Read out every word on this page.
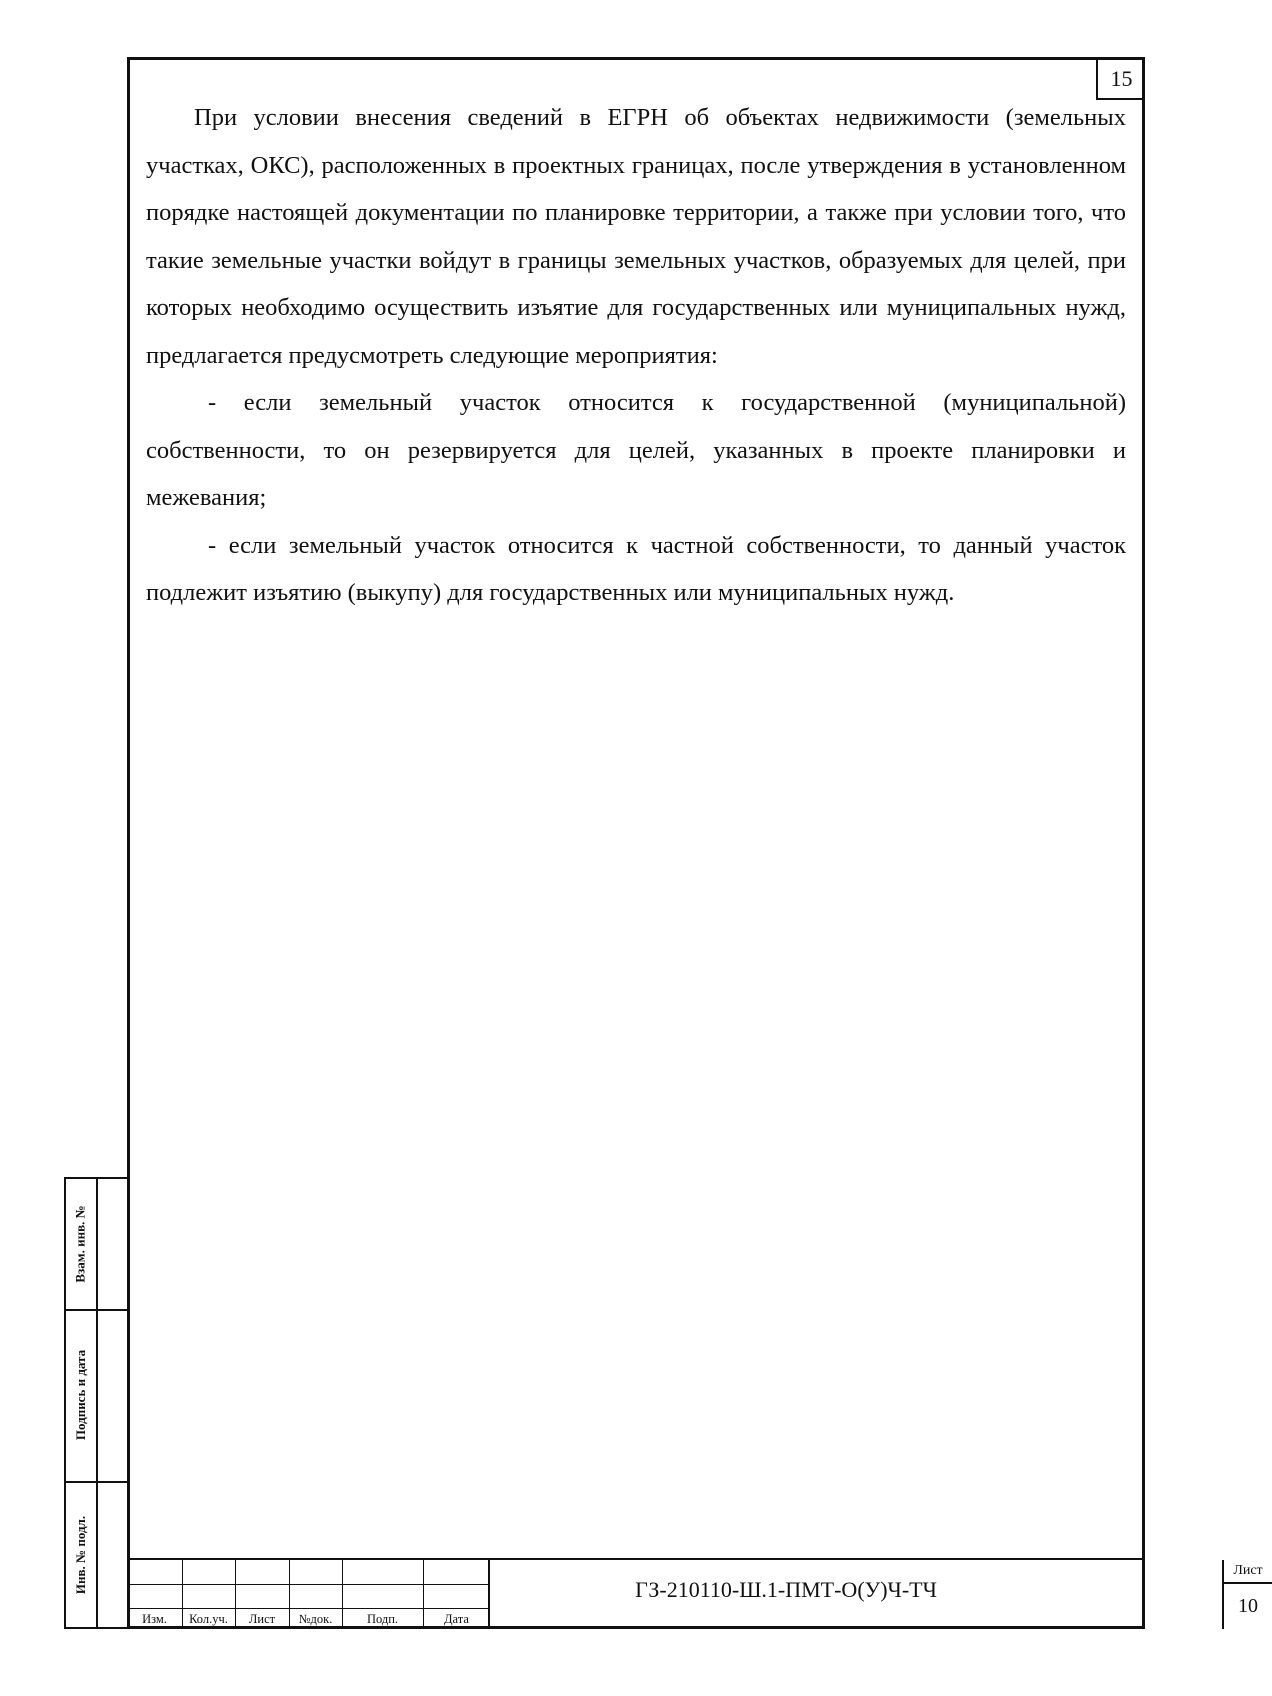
15

При условии внесения сведений в ЕГРН об объектах недвижимости (земельных участках, ОКС), расположенных в проектных границах, после утверждения в установленном порядке настоящей документации по планировке территории, а также при условии того, что такие земельные участки войдут в границы земельных участков, образуемых для целей, при которых необходимо осуществить изъятие для государственных или муниципальных нужд, предлагается предусмотреть следующие мероприятия:

- если земельный участок относится к государственной (муниципальной) собственности, то он резервируется для целей, указанных в проекте планировки и межевания;

- если земельный участок относится к частной собственности, то данный участок подлежит изъятию (выкупу) для государственных или муниципальных нужд.

Взам. инв. №
Подпись и дата
Инв. № подл.
Изм.	Кол.уч.	Лист	№док.	Подп.	Дата
ГЗ-210110-Ш.1-ПМТ-О(У)Ч-ТЧ
Лист
10
